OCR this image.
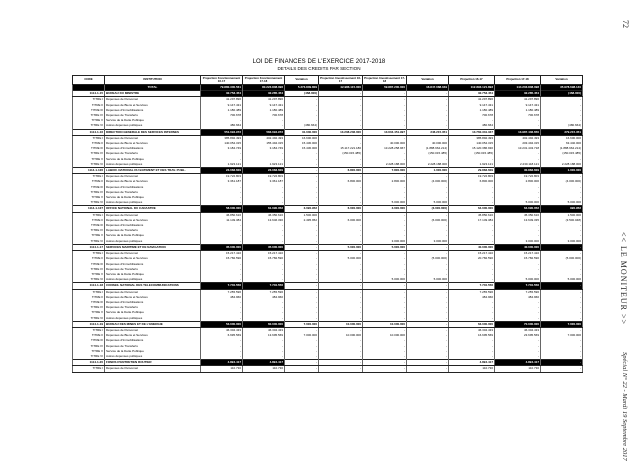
LOI DE FINANCES DE L'EXERCICE 2017-2018
DETAILS DES CREDITS PAR SECTION
CODE	INSTITUTION	Projection Fonctionnement 16-17	Projection Fonctionnement 17-18	Variation	Projection Investissement 16-17	Projection Investissement 17-18	Variation	Projection 16-17	Projection 17-18	Variation
	TOTAL	79.880.300.561	80.223.808.096	5.373.809.809	42.986.115.000	59.887.200.000	16.847.088.049	112.893.121.893	144.203.808.098	35.978.698.140
1114-1-15	BUREAU DU MINISTRE	32.753.454	32.285.454	(468.000)	-	-	-	32.753.454	32.285.454	(468.000)
TITRE I	Dépenses de Personnel	41.297.896	41.297.896	-	-	-	-	41.297.896	41.297.896	-
TITRE II	Dépenses de Biens et Services	9.147.431	9.147.431	-	-	-	-	9.147.431	9.147.431	-
TITRE III	Dépenses d'Immobilisations	1.180.489	1.180.489	-	-	-	-	1.180.489	1.180.489	-
TITRE IV	Dépenses de Transferts	700.678	700.678	-	-	-	-	700.678	700.678	-
TITRE V	Service de la Dette Publique	-	-	-	-	-	-	-	-	-
TITRE VI	Autres dépenses publiques	480.664	-	(480.664)	-	-	-	480.664	-	(480.664)
1114-1-16	DIRECTION GENERALE DES SERVICES INTERNES	551.094.972	583.094.972	31.030.000	13.208.236.000	13.604.451.997	246.215.351	13.760.331.337	13.987.436.650	279.215.351
TITRE I	Dépenses de Personnel	385.892.493	402.492.493	16.600.000	-	-	-	385.892.493	402.492.493	16.600.000
TITRE II	Dépenses de Biens et Services	140.054.315	155.494.315	15.430.000	-	40.000.000	40.000.000	140.054.315	203.494.315	63.440.000
TITRE III	Dépenses d'Immobilisations	3.184.749	3.184.749	15.430.000	15.117.221.180	13.228.258.967	(1.888.964.214)	15.120.386.930	13.231.443.718	(1.888.964.214)
TITRE IV	Dépenses de Transferts	-	-	-	(150.015.485)	-	(150.015.485)	(150.015.485)	-	(150.015.485)
TITRE V	Service de la Dette Publique	-	-	-	-	-	-	-	-	-
TITRE VI	Autres dépenses publiques	1.923.121	1.923.121	-	-	2.228.188.000	2.228.188.000	1.923.121	2.230.118.121	2.228.188.000
1114-1-126	LABOR. NATIONAL DU BATIMENT ET DES TRAV. PUBL.	23.083.609	23.083.609	-	6.800.000	7.800.000	1.000.000	29.883.609	30.883.609	1.000.000
TITRE I	Dépenses de Personnel	19.722.803	19.722.803	-	-	-	-	19.722.803	19.722.803	-
TITRE II	Dépenses de Biens et Services	3.361.187	3.361.187	-	6.800.000	2.800.000	(4.000.000)	6.800.000	2.800.000	(4.000.000)
TITRE III	Dépenses d'Immobilisations	-	-	-	-	-	-	-	-	-
TITRE IV	Dépenses de Transferts	-	-	-	-	-	-	-	-	-
TITRE V	Service de la Dette Publique	-	-	-	-	-	-	-	-	-
TITRE VI	Autres dépenses publiques	-	-	-	-	5.000.000	5.000.000	-	5.000.000	5.000.000
1114-1-127	OFFICE NATIONAL DU CADASTRE	58.000.000	61.090.052	3.090.952	6.000.000	3.000.000	(3.000.000)	64.000.000	64.090.052	990.952
TITRE I	Dépenses de Personnel	46.850.616	46.350.616	1.500.000	-	-	-	45.850.616	45.350.616	1.500.000
TITRE II	Dépenses de Biens et Services	11.149.384	13.646.330	2.495.952	6.000.000	-	(6.000.000)	17.149.384	13.649.335	(3.500.048)
TITRE III	Dépenses d'Immobilisations	-	-	-	-	-	-	-	-	-
TITRE IV	Dépenses de Transferts	-	-	-	-	-	-	-	-	-
TITRE V	Service de la Dette Publique	-	-	-	-	-	-	-	-	-
TITRE VI	Autres dépenses publiques	-	-	-	-	3.000.000	3.000.000	-	3.000.000	3.000.000
1114-1-17	SERVICES MARITIME ET DE NAVIGATION	35.000.000	35.000.000	-	5.000.000	5.000.000	-	40.000.000	40.000.000	-
TITRE I	Dépenses de Personnel	15.217.410	15.217.410	-	-	-	-	15.217.410	15.217.410	-
TITRE II	Dépenses de Biens et Services	15.782.590	15.782.590	-	5.000.000	-	(5.000.000)	20.782.590	15.782.590	(5.000.000)
TITRE III	Dépenses d'Immobilisations	-	-	-	-	-	-	-	-	-
TITRE IV	Dépenses de Transferts	-	-	-	-	-	-	-	-	-
TITRE V	Service de la Dette Publique	-	-	-	-	-	-	-	-	-
TITRE VI	Autres dépenses publiques	-	-	-	-	5.000.000	5.000.000	-	5.000.000	5.000.000
1114-1-18	CONSEIL NATIONAL DES TELECOMMUNICATIONS	7.740.556	7.740.556	-	-	-	-	7.740.556	7.740.556	-
TITRE I	Dépenses de Personnel	7.255.596	7.255.596	-	-	-	-	7.255.596	7.255.596	-
TITRE II	Dépenses de Biens et Services	484.960	484.960	-	-	-	-	484.960	484.960	-
TITRE III	Dépenses d'Immobilisations	-	-	-	-	-	-	-	-	-
TITRE IV	Dépenses de Transferts	-	-	-	-	-	-	-	-	-
TITRE V	Service de la Dette Publique	-	-	-	-	-	-	-	-	-
TITRE VI	Autres dépenses publiques	-	-	-	-	-	-	-	-	-
1114-1-19	BUREAU DES MINES ET DE L'ENERGIE	53.000.000	60.000.000	7.000.000	10.000.000	10.000.000	-	63.000.000	70.000.000	7.000.000
TITRE I	Dépenses de Personnel	46.304.433	46.304.433	-	-	-	-	46.304.433	46.304.433	-
TITRE II	Dépenses de Biens et Services	6.695.569	13.695.569	7.000.000	10.000.000	10.000.000	-	16.695.569	23.695.569	7.000.000
TITRE III	Dépenses d'Immobilisations	-	-	-	-	-	-	-	-	-
TITRE IV	Dépenses de Transferts	-	-	-	-	-	-	-	-	-
TITRE V	Service de la Dette Publique	-	-	-	-	-	-	-	-	-
TITRE VI	Autres dépenses publiques	-	-	-	-	-	-	-	-	-
1114-1-20	FONDS D'ENTRETIEN ROUTIER	4.894.417	4.894.417	-	-	-	-	4.894.417	4.894.417	-
TITRE I	Dépenses de Personnel	110.730	110.730	-	-	-	-	110.730	110.730	-
72
<< LE MONITEUR >>
Spécial N° 22 - Mardi 19 Septembre 2017
